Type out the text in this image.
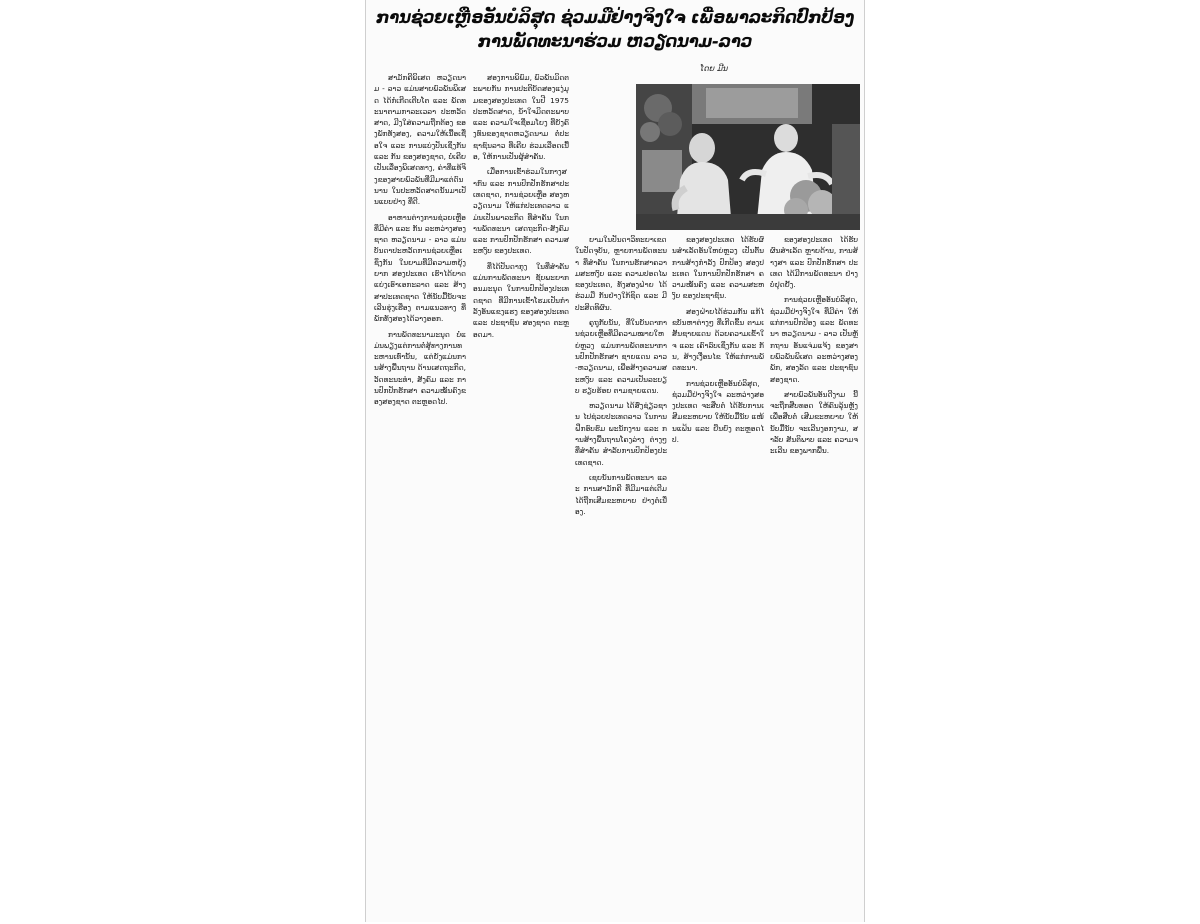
ການຊ່ວຍເຫຼືອອັນບໍລິສຸດ ຊ່ວມມືຢ່າງຈິງໃຈ ເພື່ອພາລະກິດປົກປ້ອງ
ການພັດທະນາຮ່ວມ ຫວຽດນາມ-ລາວ
ໂດຍ ມີນ

ສາມັກຄີພິເສດ ຫວຽດນາມ - ລາວ ແມ່ນສາຍພົວພັນພິເສດ ໄດ້ກໍ່ເກີດເຕີບໂຕ ແລະ ພັດທະນາຕາມກາລະເວລາ ປະຫວັດສາດ, ມີງໃສ່ຄວາມຖືກຕ້ອງ ຂອງພັກທັງສອງ, ຄວາມໃຫ້ເນື້ອເຊື່ອໃຈ ແລະ ການແບ່ງປັນເຊິ່ງກັນ ແລະ ກັນ ຂອງສອງຊາດ, ບໍ່ເຄີຍເປັນເລື່ອງພິເສດທາງ, ຄ່າທີ່ແທ້ຈິງຂອງສາຍພົວພັນທີ່ມີມາແຕ່ດົນນານ ໃນປະຫວັດສາດນັ້ນມາເປັນແບບຢ່າງ ທີ່ດີ.

ອາຫານຕ່າງການຊ່ວຍເຫຼືອທີ່ມີຄ່າ ແລະ ກັນ ລະຫວ່າງສອງຊາດ ຫວຽດນາມ - ລາວ ແມ່ນບັນດາປະຫວັດການຊ່ວຍເຫຼືອເຊິ່ງກັນ ໃນຍາມທີ່ມີຄວາມຫຍຸ້ງຍາກ ສອງປະເທດ ເຮົາໄດ້ຍາດແຍ່ງເອົາເອກະລາດ ແລະ ສ້າງສາປະເທດຊາດ ໃຫ້ນັບມື້ນັບຈະເລີນຮຸ່ງເຮືອງ ຕາມແນວທາງ ທີ່ພັກທັງສອງໄດ້ວາງອອກ.

ການພັດທະນາມະນຸດ ບໍ່ແມ່ນພຽງແຕ່ການຕໍ່ສູ້ທາງການທະຫານເທົ່ານັ້ນ, ແຕ່ຍັງແມ່ນການສ້າງພື້ນຖານ ດ້ານເສດຖະກິດ, ວັດທະນະທຳ, ສັງຄົມ ແລະ ການປົກປັກຮັກສາ ຄວາມໝັ້ນຄົງຂອງສອງຊາດ ຕະຫຼອດໄປ.

ສອງການພິພົມ, ພົວພັນມິດຕະພາບກັນ ການປະຕິບັດສອງແງ່ມຸມຂອງສອງປະເທດ ໃນປີ 1975 ປະຫວັດສາດ, ນ້ຳໃຈມິດຕະພາບ ແລະ ຄວາມໃຈເຊື່ອມໂຍງ ທີ່ຍັງຄົງທົນຂອງຊາດຫວຽດນາມ ຕໍ່ປະຊາຊົນລາວ ທີ່ເຄີຍ ຮ່ວມເລືອດເນື້ອ, ໃຫ້ການເປັນຜູ້ສຳຄັນ.

ເມື່ອການເຂົ້າຮ່ວມໃນກາງສາກົນ ແລະ ການປົກປັກຮັກສາປະເທດຊາດ, ການຊ່ວຍເຫຼືອ ສອງຫວຽດນາມ ໃຫ້ແກ່ປະເທດລາວ ແມ່ນເປັນພາລະກິດ ທີ່ສຳຄັນ ໃນການພັດທະນາ ເສດຖະກິດ-ສັງຄົມ ແລະ ການປົກປັກຮັກສາ ຄວາມສະຫງົບ ຂອງປະເທດ.

ທີ່ໄດ້ປັນດາກຸງ ໃນທີ່ສຳຄັນ ແມ່ນການພັດທະນາ ຊັບພະຍາກອນມະນຸດ ໃນການປົກປ້ອງປະເທດຊາດ ທີ່ມີການເຂົ້າໂຮມເປັນກຳລັງອັນແຂງແຮງ ຂອງສອງປະເທດ ແລະ ປະຊາຊົນ ສອງຊາດ ຕະຫຼອດມາ.

ຍາມໃນປັນດາວິທະຍາເຂດ ໃນປັດຈຸບັນ, ຫຼາຍການພັດທະນາ ທີ່ສຳຄັນ ໃນການຮັກສາຄວາມສະຫງົບ ແລະ ຄວາມປອດໄພ ຂອງປະເທດ, ທັງສອງຝ່າຍ ໄດ້ຮ່ວມມື ກັນຢ່າງໃກ້ຊິດ ແລະ ມີປະສິດທິຜົນ.

ຄູຖຸກັບນັນ, ທີ່ໃນບັນດາການຊ່ວຍເຫຼືອທີ່ມີຄວາມໝາຍໃຫຍ່ຫຼວງ ແມ່ນການພັດທະນາການປົກປັກຮັກສາ ຊາຍແດນ ລາວ-ຫວຽດນາມ, ເພື່ອສ້າງຄວາມສະຫງົບ ແລະ ຄວາມເປັນລະບຽບ ຮຽບຮ້ອຍ ຕາມຊາຍແດນ.

ຫວຽດນາມ ໄດ້ສົ່ງຊ່ຽວຊານ ໄປຊ່ວຍປະເທດລາວ ໃນການຝຶກອົບຮົມ ພະນັກງານ ແລະ ການສ້າງພື້ນຖານໂຄງລ່າງ ຕ່າງໆ ທີ່ສຳຄັນ ສຳລັບການປົກປ້ອງປະເທດຊາດ.

ເຊຍນັນການພັດທະນາ ແລະ ການສາມັກຄີ ທີ່ມີມາແຕ່ເດີມ ໄດ້ຖືກເສີມຂະຫຍາຍ ຢ່າງຕໍ່ເນື່ອງ.

ຂອງສອງປະເທດ ໄດ້ຮັບຜົນສຳເລັດອັນໃຫຍ່ຫຼວງ ເປັນຕົ້ນ ການສ້າງກຳລັງ ປົກປ້ອງ ສອງປະເທດ ໃນການປົກປັກຮັກສາ ຄວາມໝັ້ນຄົງ ແລະ ຄວາມສະຫງົບ ຂອງປະຊາຊົນ.

ສອງຝ່າຍໄດ້ຮ່ວມກັນ ແກ້ໄຂບັນຫາຕ່າງໆ ທີ່ເກີດຂຶ້ນ ຕາມເສັ້ນຊາຍແດນ ດ້ວຍຄວາມເຂົ້າໃຈ ແລະ ເຄົາລົບເຊິ່ງກັນ ແລະ ກັນ, ສ້າງເງື່ອນໄຂ ໃຫ້ແກ່ການພັດທະນາ.

ການຊ່ວຍເຫຼືອອັນບໍລິສຸດ, ຊ່ວມມືຢ່າງຈິງໃຈ ລະຫວ່າງສອງປະເທດ ຈະສືບຕໍ່ ໄດ້ຮັບການເສີມຂະຫຍາຍ ໃຫ້ນັບມື້ນັບ ແໜ້ນແຟ້ນ ແລະ ຍືນຍົງ ຕະຫຼອດໄປ.

ຂອງສອງປະເທດ ໄດ້ຮັບຜົນສຳເລັດ ຫຼາຍດ້ານ, ການສ້າງສາ ແລະ ປົກປັກຮັກສາ ປະເທດ ໄດ້ມີການພັດທະນາ ຢ່າງບໍ່ຢຸດຢັ້ງ.

ການຊ່ວຍເຫຼືອອັນບໍລິສຸດ, ຊ່ວມມືຢ່າງຈິງໃຈ ທີ່ມີຄ່າ ໃຫ້ແກ່ການປົກປ້ອງ ແລະ ພັດທະນາ ຫວຽດນາມ - ລາວ ເປັນຫຼັກຖານ ອັນແຈ່ມແຈ້ງ ຂອງສາຍພົວພັນພິເສດ ລະຫວ່າງສອງພັກ, ສອງລັດ ແລະ ປະຊາຊົນສອງຊາດ.

ສາຍພົວພັນອັນດີງາມ ນີ້ ຈະຖືກສືບທອດ ໃຫ້ຄົນລຸ້ນຫຼັງ ເພື່ອສືບຕໍ່ ເສີມຂະຫຍາຍ ໃຫ້ນັບມື້ນັບ ຈະເລີນງອກງາມ, ສຳລັບ ສັນຕິພາບ ແລະ ຄວາມຈະເລີນ ຂອງພາກພື້ນ.
